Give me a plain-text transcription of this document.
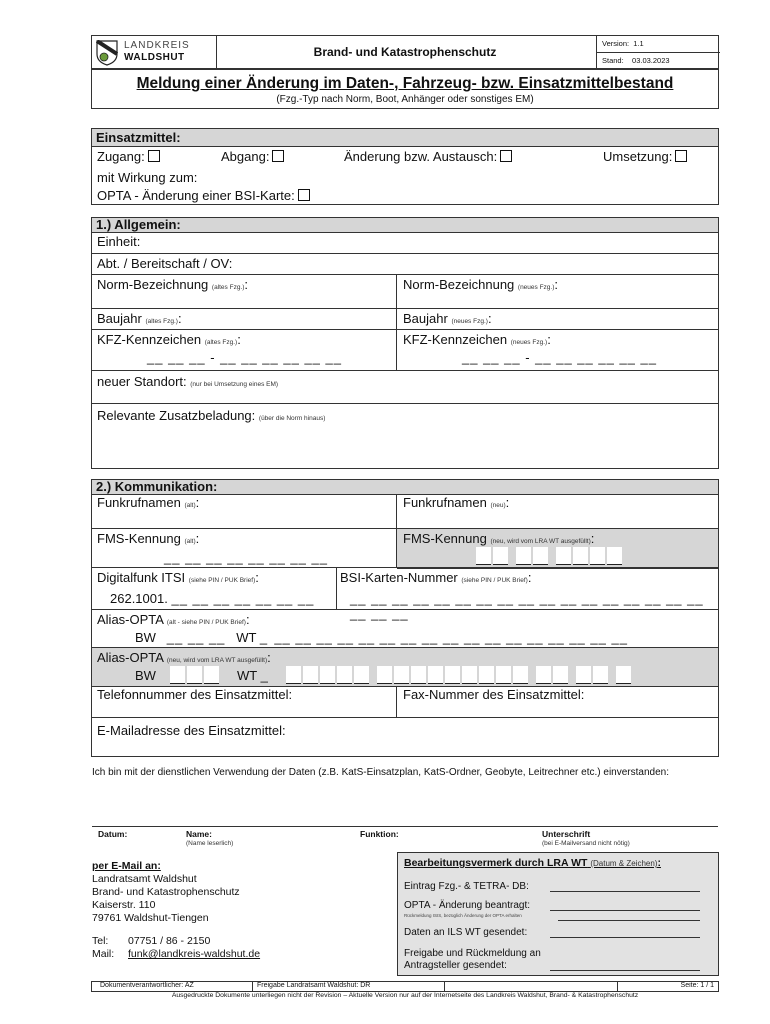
LANDKREIS
WALDSHUT	Brand- und Katastrophenschutz
Version: 1.1
Stand: 03.03.2023
Meldung einer Änderung im Daten-, Fahrzeug- bzw. Einsatzmittelbestand
(Fzg.-Typ nach Norm, Boot, Anhänger oder sonstiges EM)
Einsatzmittel:
Zugang:	Abgang:	Änderung bzw. Austausch:	Umsetzung:
mit Wirkung zum:
OPTA - Änderung einer BSI-Karte:
1.) Allgemein:
Einheit:
Abt. / Bereitschaft / OV:
Norm-Bezeichnung (altes Fzg.):	Norm-Bezeichnung (neues Fzg.):
Baujahr (altes Fzg.):	Baujahr (neues Fzg.):
KFZ-Kennzeichen (altes Fzg.):
__ __ __ - __ __ __ __ __ __
KFZ-Kennzeichen (neues Fzg.):
__ __ __ - __ __ __ __ __ __
neuer Standort: (nur bei Umsetzung eines EM)
Relevante Zusatzbeladung: (über die Norm hinaus)
2.) Kommunikation:
Funkrufnamen (alt):	Funkrufnamen (neu):
FMS-Kennung (alt):
__ __ __ __ __ __ __ __
FMS-Kennung (neu, wird vom LRA WT ausgefüllt):
Digitalfunk ITSI (siehe PIN / PUK Brief):
262.1001. __ __ __ __ __ __ __
BSI-Karten-Nummer (siehe PIN / PUK Brief):
__ __ __ __ __ __ __ __ __ __ __ __ __ __ __ __ __ __ __ __
Alias-OPTA (alt - siehe PIN / PUK Brief):
BW __ __ __ WT _ __ __ __ __ __ __ __ __ __ __ __ __ __ __ __ __ __
Alias-OPTA (neu, wird vom LRA WT ausgefüllt):
BW	WT _
Telefonnummer des Einsatzmittel:	Fax-Nummer des Einsatzmittel:
E-Mailadresse des Einsatzmittel:
Ich bin mit der dienstlichen Verwendung der Daten (z.B. KatS-Einsatzplan, KatS-Ordner, Geobyte, Leitrechner etc.) einverstanden:
Datum:	Name:
(Name leserlich)
Funktion:	Unterschrift
(bei E-Mailversand nicht nötig)
per E-Mail an:
Landratsamt Waldshut
Brand- und Katastrophenschutz
Kaiserstr. 110
79761 Waldshut-Tiengen
Tel: 07751 / 86 - 2150
Mail: funk@landkreis-waldshut.de
Bearbeitungsvermerk durch LRA WT (Datum & Zeichen):
Eintrag Fzg.- & TETRA- DB:
OPTA - Änderung beantragt:
Rückmeldung ISIS, bezüglich Änderung der OPTA erhalten
Daten an ILS WT gesendet:
Freigabe und Rückmeldung an
Antragsteller gesendet:
Dokumentverantwortlicher: AZ	Freigabe Landratsamt Waldshut: DR	Seite: 1 / 1
Ausgedruckte Dokumente unterliegen nicht der Revision – Aktuelle Version nur auf der Internetseite des Landkreis Waldshut, Brand- & Katastrophenschutz
